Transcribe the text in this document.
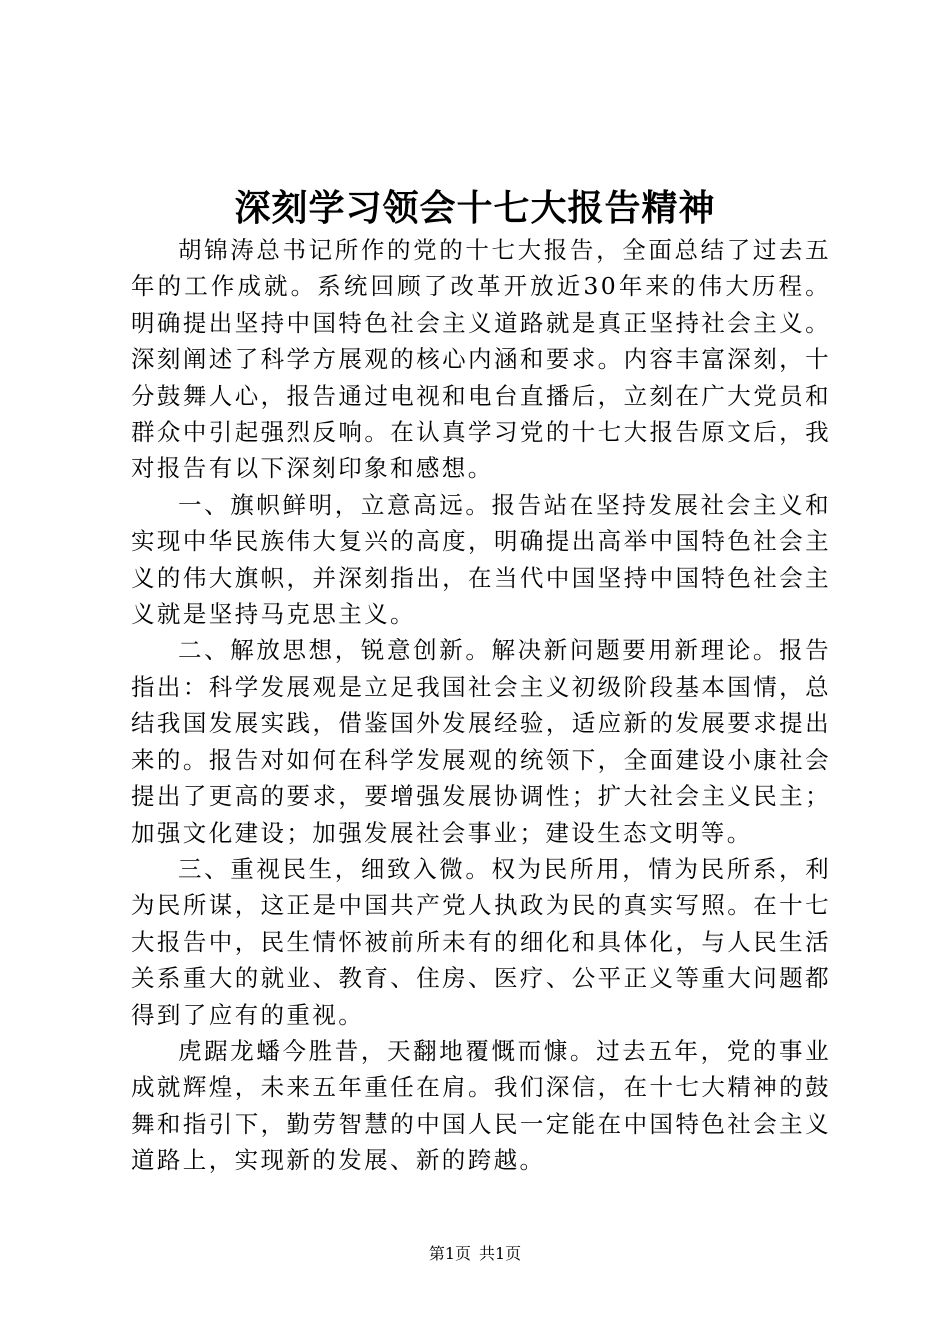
深刻学习领会十七大报告精神

胡锦涛总书记所作的党的十七大报告，全面总结了过去五年的工作成就。系统回顾了改革开放近30年来的伟大历程。明确提出坚持中国特色社会主义道路就是真正坚持社会主义。深刻阐述了科学方展观的核心内涵和要求。内容丰富深刻，十分鼓舞人心，报告通过电视和电台直播后，立刻在广大党员和群众中引起强烈反响。在认真学习党的十七大报告原文后，我对报告有以下深刻印象和感想。

一、旗帜鲜明，立意高远。报告站在坚持发展社会主义和实现中华民族伟大复兴的高度，明确提出高举中国特色社会主义的伟大旗帜，并深刻指出，在当代中国坚持中国特色社会主义就是坚持马克思主义。

二、解放思想，锐意创新。解决新问题要用新理论。报告指出：科学发展观是立足我国社会主义初级阶段基本国情，总结我国发展实践，借鉴国外发展经验，适应新的发展要求提出来的。报告对如何在科学发展观的统领下，全面建设小康社会提出了更高的要求，要增强发展协调性；扩大社会主义民主；加强文化建设；加强发展社会事业；建设生态文明等。

三、重视民生，细致入微。权为民所用，情为民所系，利为民所谋，这正是中国共产党人执政为民的真实写照。在十七大报告中，民生情怀被前所未有的细化和具体化，与人民生活关系重大的就业、教育、住房、医疗、公平正义等重大问题都得到了应有的重视。

虎踞龙蟠今胜昔，天翻地覆慨而慷。过去五年，党的事业成就辉煌，未来五年重任在肩。我们深信，在十七大精神的鼓舞和指引下，勤劳智慧的中国人民一定能在中国特色社会主义道路上，实现新的发展、新的跨越。

第1页 共1页
